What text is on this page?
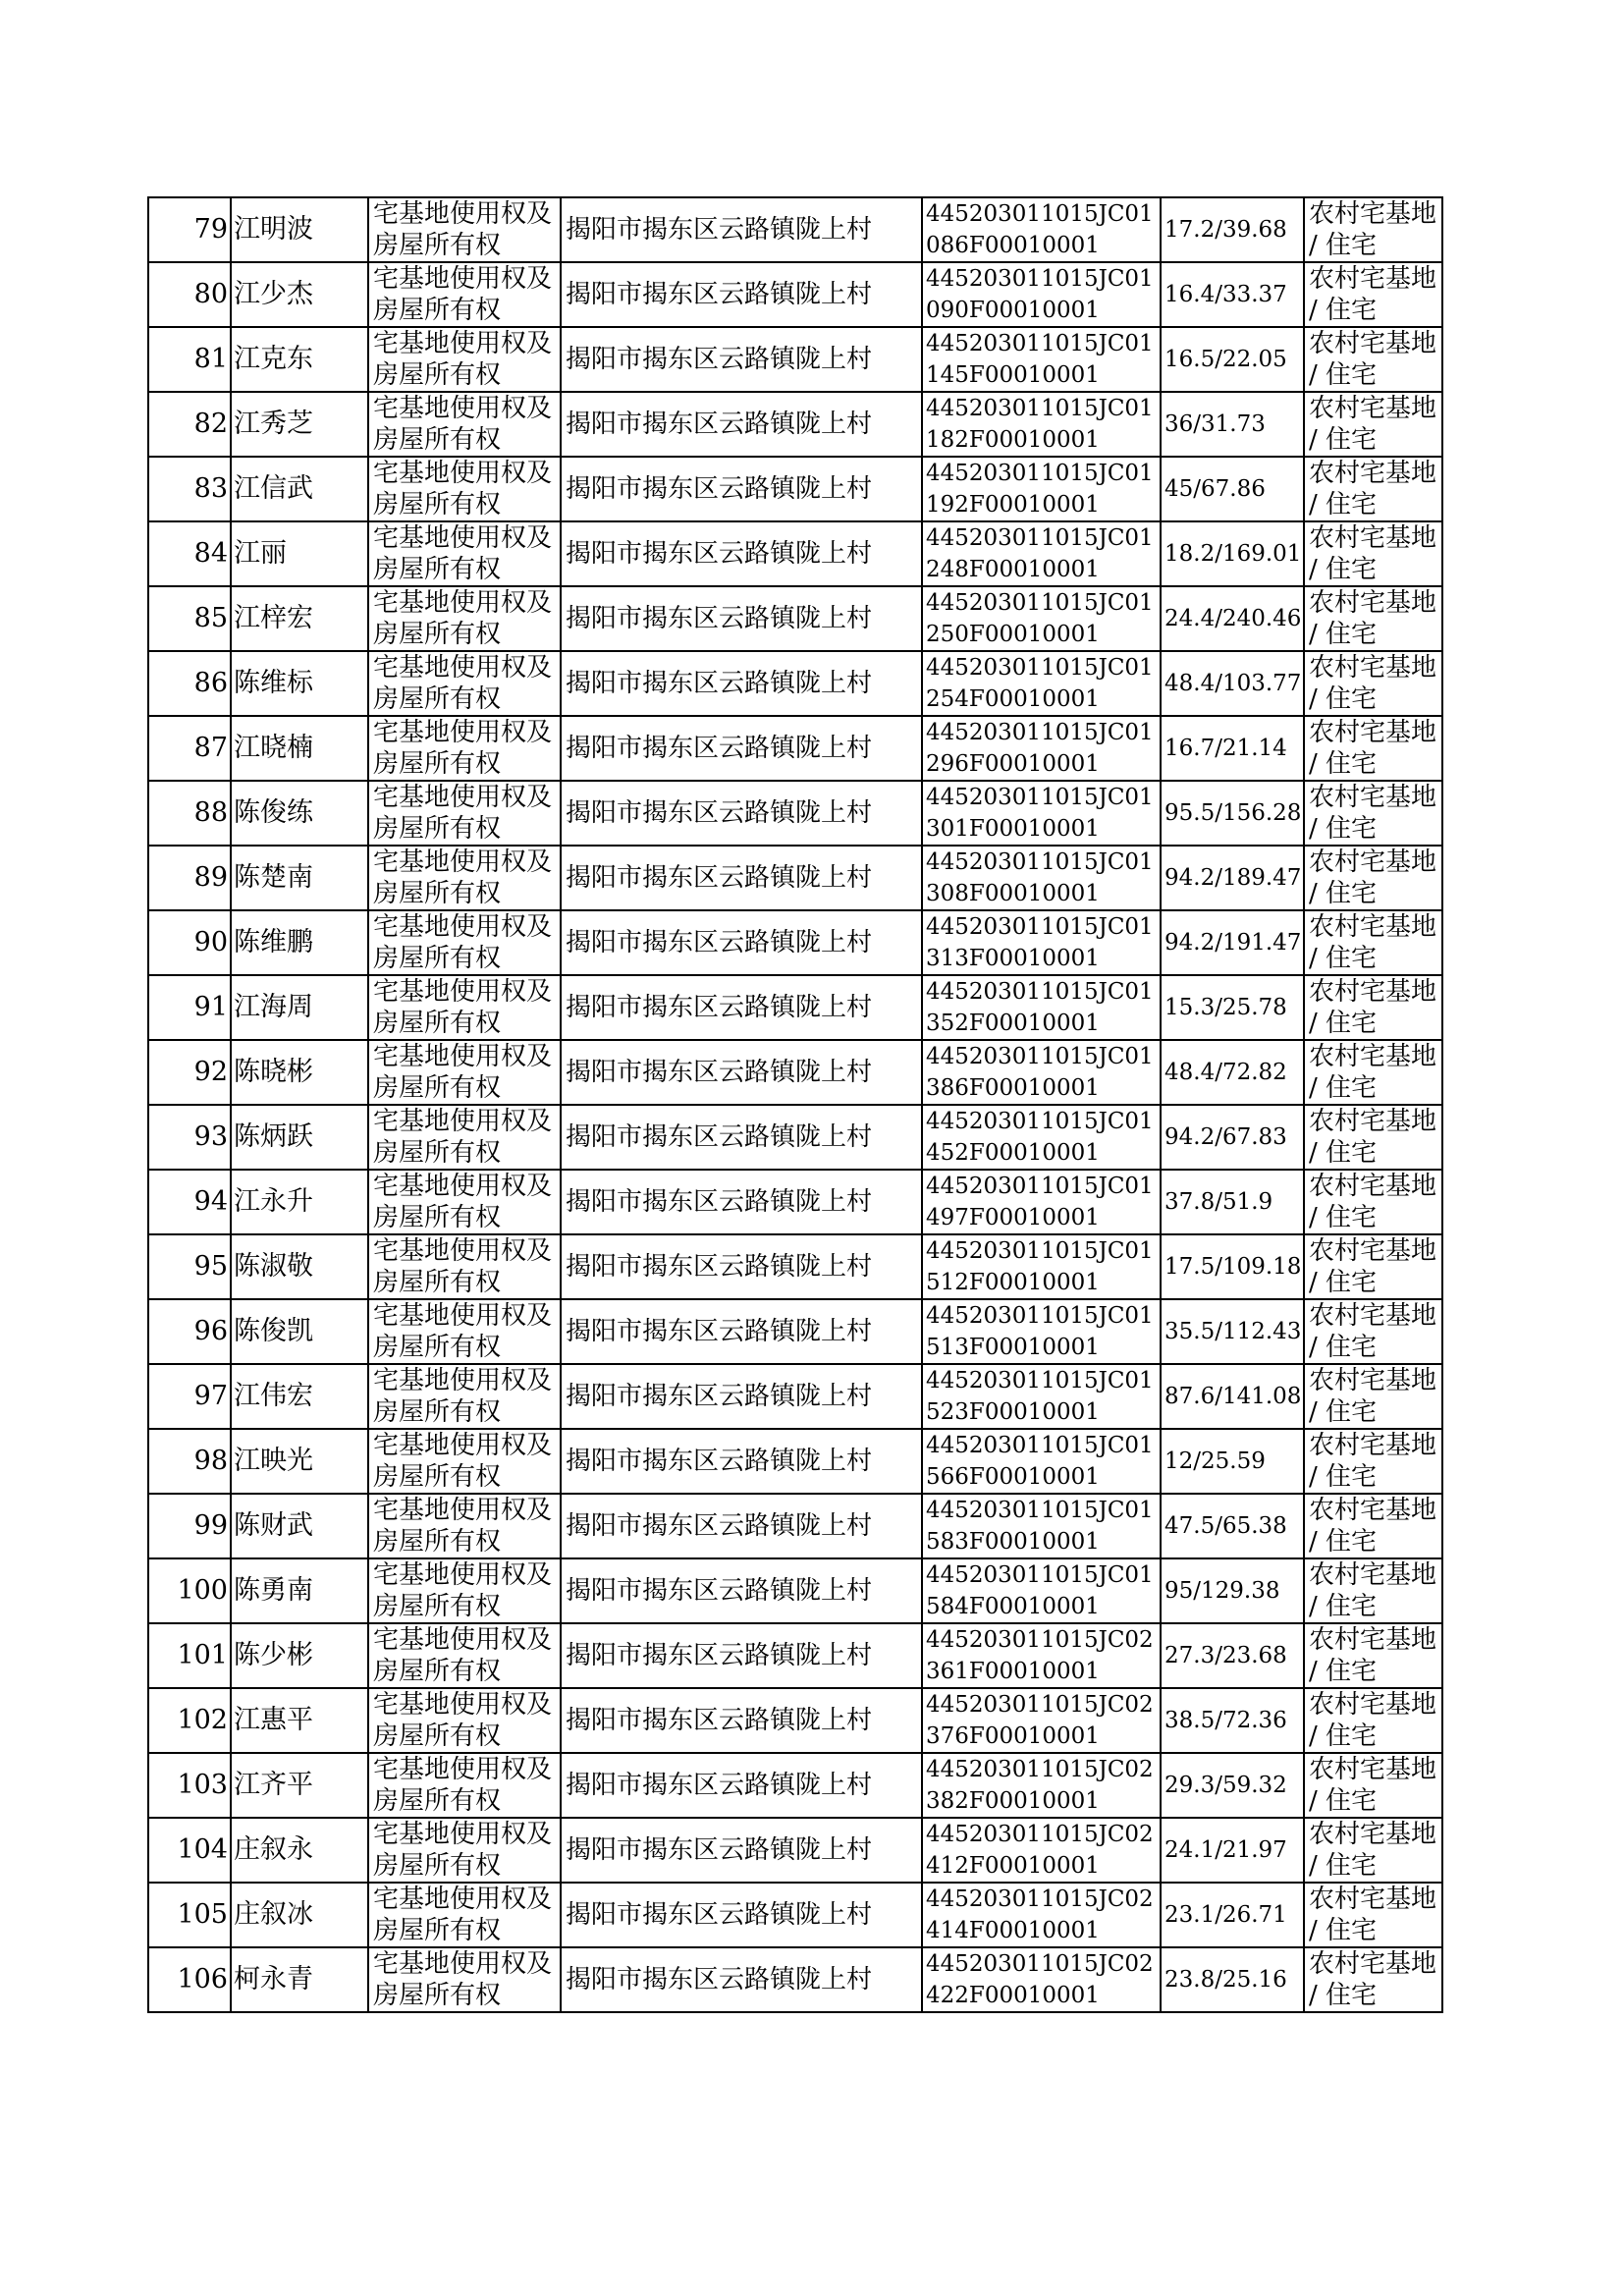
79	江明波	宅基地使用权及房屋所有权	揭阳市揭东区云路镇陇上村	445203011015JC01086F00010001	17.2/39.68	农村宅基地 / 住宅

80	江少杰	宅基地使用权及房屋所有权	揭阳市揭东区云路镇陇上村	445203011015JC01090F00010001	16.4/33.37	农村宅基地 / 住宅

81	江克东	宅基地使用权及房屋所有权	揭阳市揭东区云路镇陇上村	445203011015JC01145F00010001	16.5/22.05	农村宅基地 / 住宅

82	江秀芝	宅基地使用权及房屋所有权	揭阳市揭东区云路镇陇上村	445203011015JC01182F00010001	36/31.73	农村宅基地 / 住宅

83	江信武	宅基地使用权及房屋所有权	揭阳市揭东区云路镇陇上村	445203011015JC01192F00010001	45/67.86	农村宅基地 / 住宅

84	江丽	宅基地使用权及房屋所有权	揭阳市揭东区云路镇陇上村	445203011015JC01248F00010001	18.2/169.01	农村宅基地 / 住宅

85	江梓宏	宅基地使用权及房屋所有权	揭阳市揭东区云路镇陇上村	445203011015JC01250F00010001	24.4/240.46	农村宅基地 / 住宅

86	陈维标	宅基地使用权及房屋所有权	揭阳市揭东区云路镇陇上村	445203011015JC01254F00010001	48.4/103.77	农村宅基地 / 住宅

87	江晓楠	宅基地使用权及房屋所有权	揭阳市揭东区云路镇陇上村	445203011015JC01296F00010001	16.7/21.14	农村宅基地 / 住宅

88	陈俊练	宅基地使用权及房屋所有权	揭阳市揭东区云路镇陇上村	445203011015JC01301F00010001	95.5/156.28	农村宅基地 / 住宅

89	陈楚南	宅基地使用权及房屋所有权	揭阳市揭东区云路镇陇上村	445203011015JC01308F00010001	94.2/189.47	农村宅基地 / 住宅

90	陈维鹏	宅基地使用权及房屋所有权	揭阳市揭东区云路镇陇上村	445203011015JC01313F00010001	94.2/191.47	农村宅基地 / 住宅

91	江海周	宅基地使用权及房屋所有权	揭阳市揭东区云路镇陇上村	445203011015JC01352F00010001	15.3/25.78	农村宅基地 / 住宅

92	陈晓彬	宅基地使用权及房屋所有权	揭阳市揭东区云路镇陇上村	445203011015JC01386F00010001	48.4/72.82	农村宅基地 / 住宅

93	陈炳跃	宅基地使用权及房屋所有权	揭阳市揭东区云路镇陇上村	445203011015JC01452F00010001	94.2/67.83	农村宅基地 / 住宅

94	江永升	宅基地使用权及房屋所有权	揭阳市揭东区云路镇陇上村	445203011015JC01497F00010001	37.8/51.9	农村宅基地 / 住宅

95	陈淑敬	宅基地使用权及房屋所有权	揭阳市揭东区云路镇陇上村	445203011015JC01512F00010001	17.5/109.18	农村宅基地 / 住宅

96	陈俊凯	宅基地使用权及房屋所有权	揭阳市揭东区云路镇陇上村	445203011015JC01513F00010001	35.5/112.43	农村宅基地 / 住宅

97	江伟宏	宅基地使用权及房屋所有权	揭阳市揭东区云路镇陇上村	445203011015JC01523F00010001	87.6/141.08	农村宅基地 / 住宅

98	江映光	宅基地使用权及房屋所有权	揭阳市揭东区云路镇陇上村	445203011015JC01566F00010001	12/25.59	农村宅基地 / 住宅

99	陈财武	宅基地使用权及房屋所有权	揭阳市揭东区云路镇陇上村	445203011015JC01583F00010001	47.5/65.38	农村宅基地 / 住宅

100	陈勇南	宅基地使用权及房屋所有权	揭阳市揭东区云路镇陇上村	445203011015JC01584F00010001	95/129.38	农村宅基地 / 住宅

101	陈少彬	宅基地使用权及房屋所有权	揭阳市揭东区云路镇陇上村	445203011015JC02361F00010001	27.3/23.68	农村宅基地 / 住宅

102	江惠平	宅基地使用权及房屋所有权	揭阳市揭东区云路镇陇上村	445203011015JC02376F00010001	38.5/72.36	农村宅基地 / 住宅

103	江齐平	宅基地使用权及房屋所有权	揭阳市揭东区云路镇陇上村	445203011015JC02382F00010001	29.3/59.32	农村宅基地 / 住宅

104	庄叙永	宅基地使用权及房屋所有权	揭阳市揭东区云路镇陇上村	445203011015JC02412F00010001	24.1/21.97	农村宅基地 / 住宅

105	庄叙冰	宅基地使用权及房屋所有权	揭阳市揭东区云路镇陇上村	445203011015JC02414F00010001	23.1/26.71	农村宅基地 / 住宅

106	柯永青	宅基地使用权及房屋所有权	揭阳市揭东区云路镇陇上村	445203011015JC02422F00010001	23.8/25.16	农村宅基地 / 住宅
